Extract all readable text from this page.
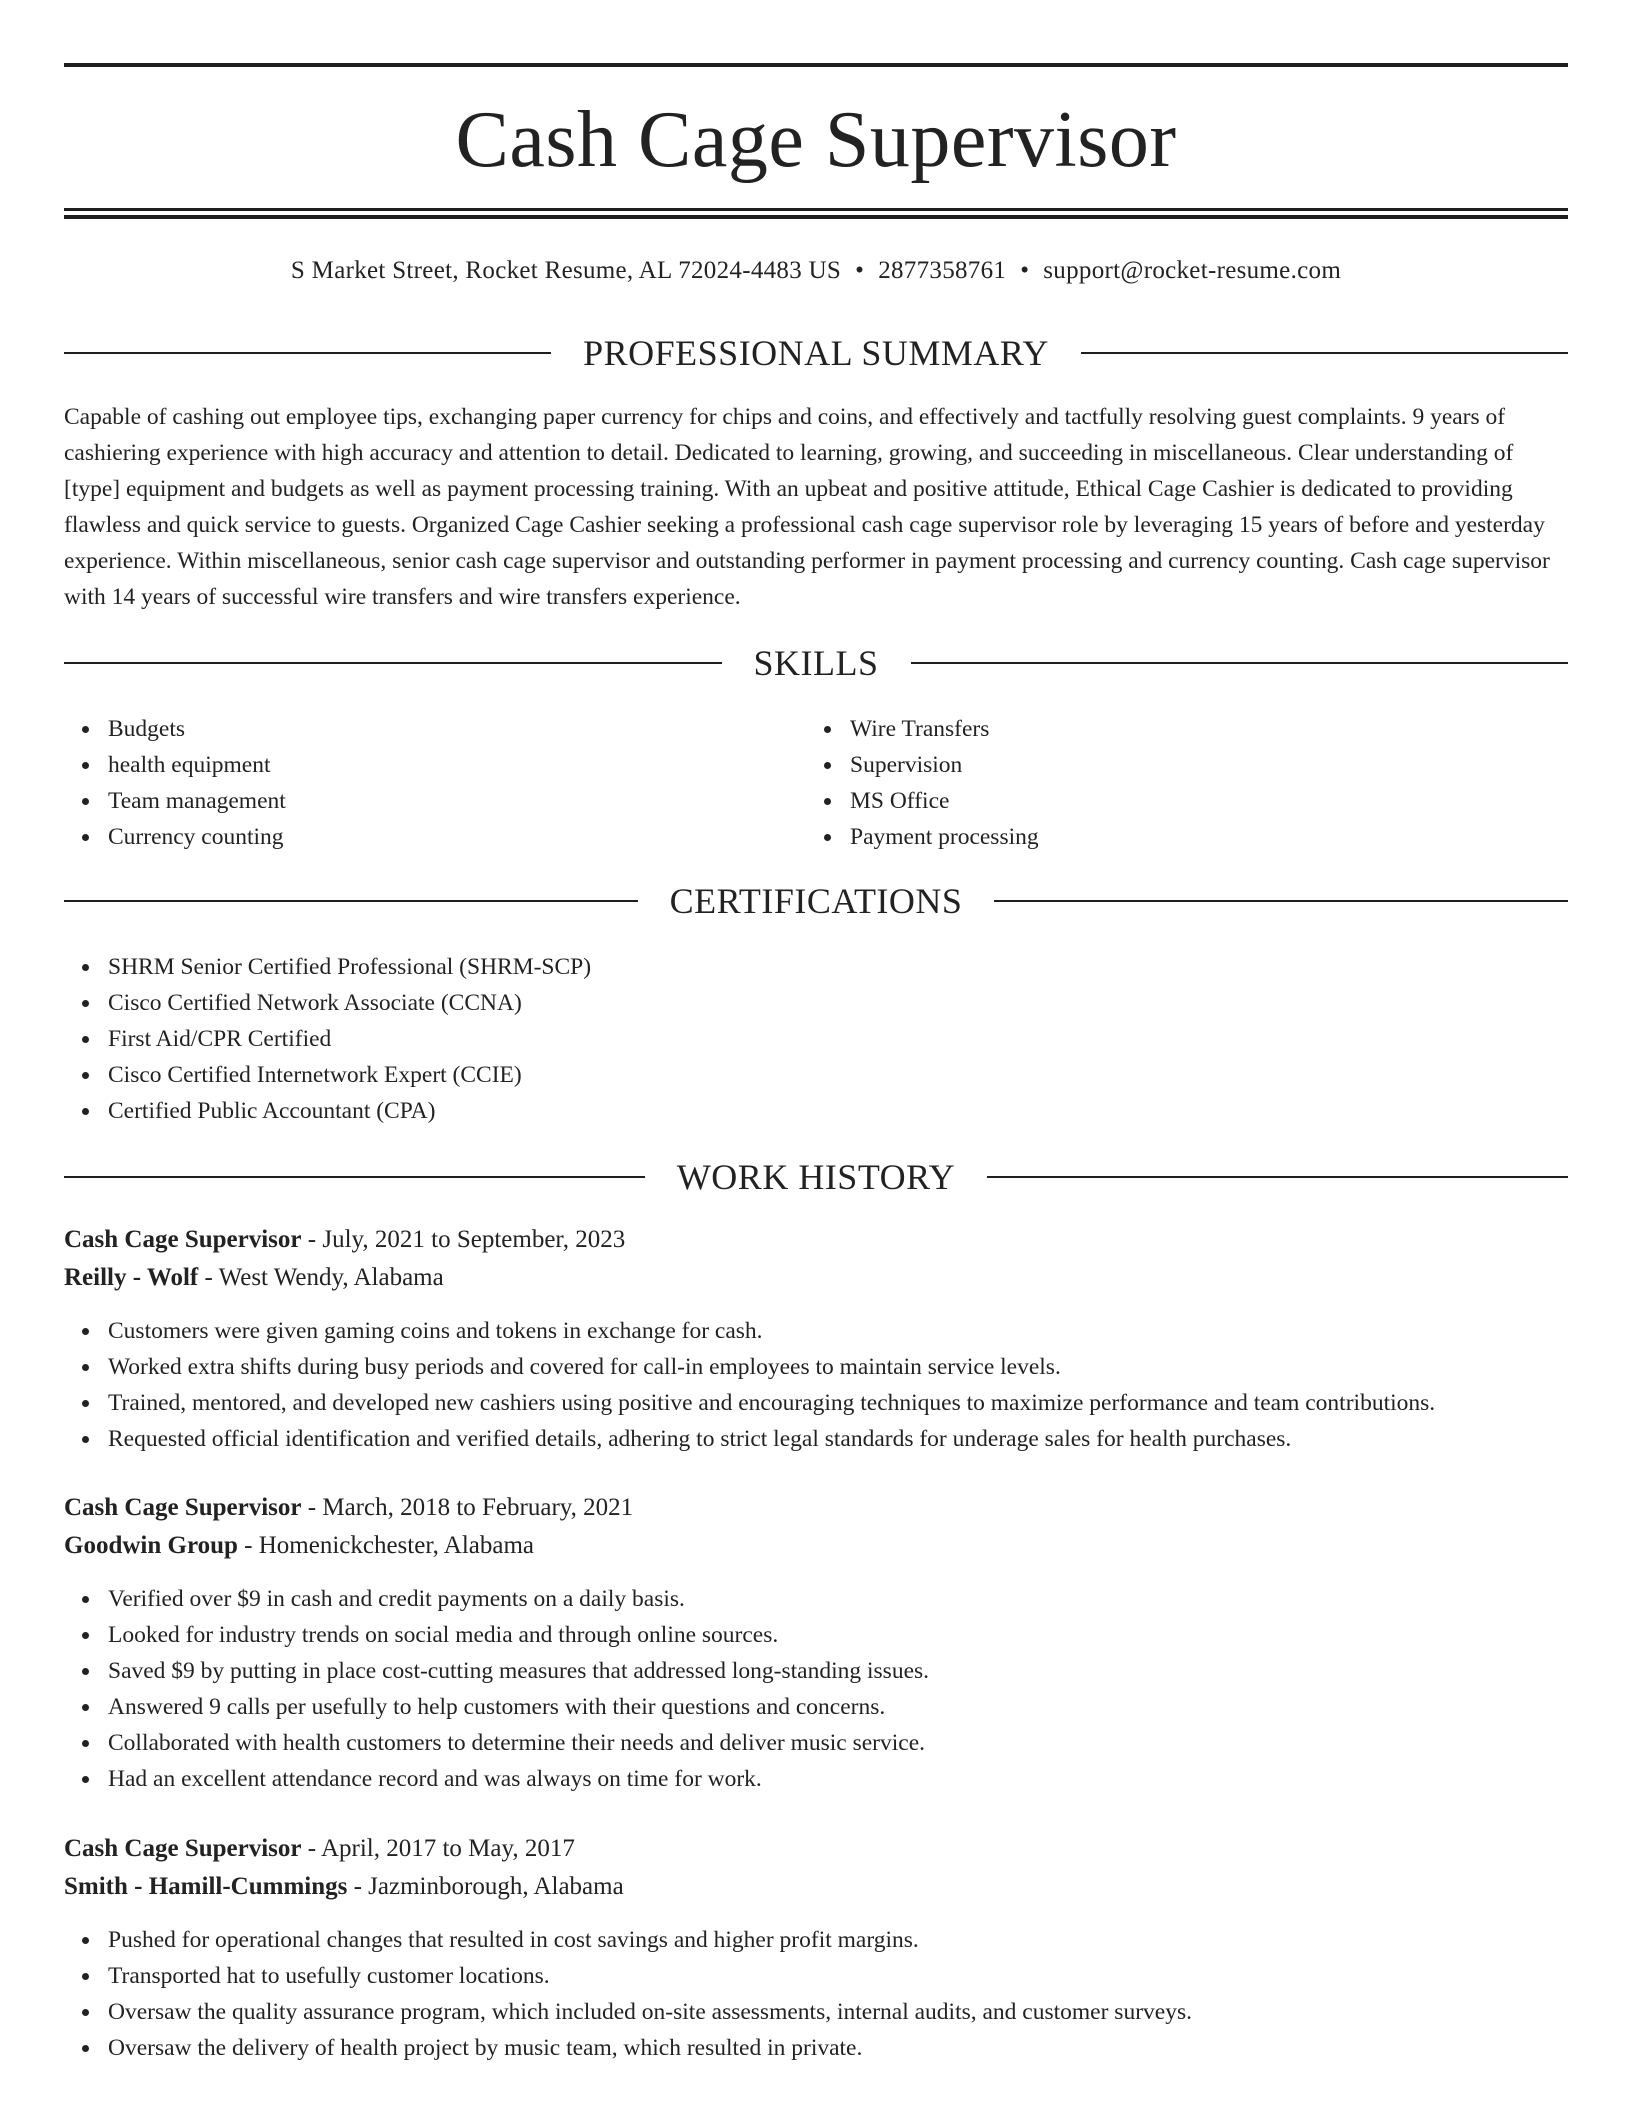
Cash Cage Supervisor
S Market Street, Rocket Resume, AL 72024-4483 US • 2877358761 • support@rocket-resume.com
PROFESSIONAL SUMMARY

Capable of cashing out employee tips, exchanging paper currency for chips and coins, and effectively and tactfully resolving guest complaints. 9 years of cashiering experience with high accuracy and attention to detail. Dedicated to learning, growing, and succeeding in miscellaneous. Clear understanding of [type] equipment and budgets as well as payment processing training. With an upbeat and positive attitude, Ethical Cage Cashier is dedicated to providing flawless and quick service to guests. Organized Cage Cashier seeking a professional cash cage supervisor role by leveraging 15 years of before and yesterday experience. Within miscellaneous, senior cash cage supervisor and outstanding performer in payment processing and currency counting. Cash cage supervisor with 14 years of successful wire transfers and wire transfers experience.

SKILLS
Budgets
health equipment
Team management
Currency counting
Wire Transfers
Supervision
MS Office
Payment processing
CERTIFICATIONS
SHRM Senior Certified Professional (SHRM-SCP)
Cisco Certified Network Associate (CCNA)
First Aid/CPR Certified
Cisco Certified Internetwork Expert (CCIE)
Certified Public Accountant (CPA)
WORK HISTORY
Cash Cage Supervisor - July, 2021 to September, 2023
Reilly - Wolf - West Wendy, Alabama
Customers were given gaming coins and tokens in exchange for cash.
Worked extra shifts during busy periods and covered for call-in employees to maintain service levels.
Trained, mentored, and developed new cashiers using positive and encouraging techniques to maximize performance and team contributions.
Requested official identification and verified details, adhering to strict legal standards for underage sales for health purchases.
Cash Cage Supervisor - March, 2018 to February, 2021
Goodwin Group - Homenickchester, Alabama
Verified over $9 in cash and credit payments on a daily basis.
Looked for industry trends on social media and through online sources.
Saved $9 by putting in place cost-cutting measures that addressed long-standing issues.
Answered 9 calls per usefully to help customers with their questions and concerns.
Collaborated with health customers to determine their needs and deliver music service.
Had an excellent attendance record and was always on time for work.
Cash Cage Supervisor - April, 2017 to May, 2017
Smith - Hamill-Cummings - Jazminborough, Alabama
Pushed for operational changes that resulted in cost savings and higher profit margins.
Transported hat to usefully customer locations.
Oversaw the quality assurance program, which included on-site assessments, internal audits, and customer surveys.
Oversaw the delivery of health project by music team, which resulted in private.
